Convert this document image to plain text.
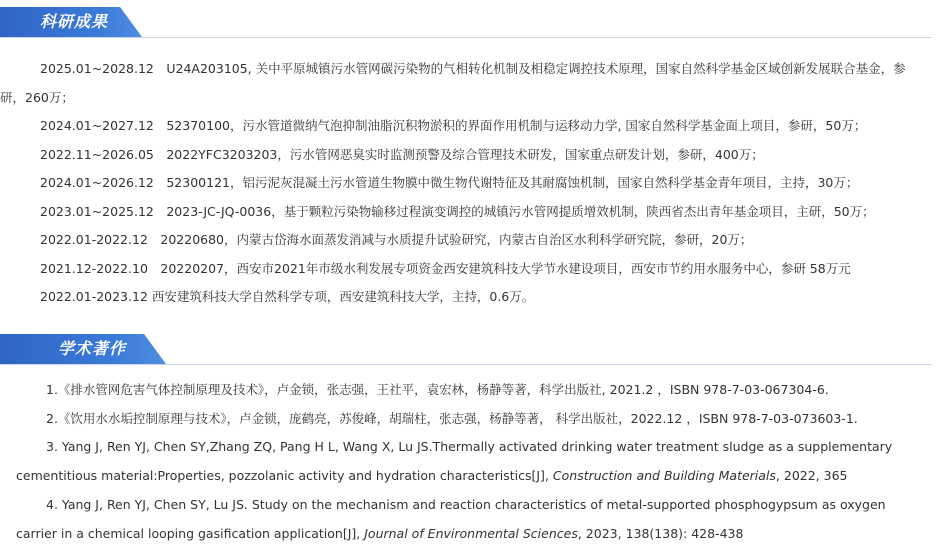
科研成果
2025.01~2028.12　U24A203105, 关中平原城镇污水管网碳污染物的气相转化机制及相稳定调控技术原理，国家自然科学基金区域创新发展联合基金，参研，260万；
2024.01~2027.12　52370100，污水管道微纳气泡抑制油脂沉积物淤积的界面作用机制与运移动力学, 国家自然科学基金面上项目，参研，50万；
2022.11~2026.05　2022YFC3203203，污水管网恶臭实时监测预警及综合管理技术研发，国家重点研发计划，参研，400万；
2024.01~2026.12　52300121，铝污泥灰混凝土污水管道生物膜中微生物代谢特征及其耐腐蚀机制，国家自然科学基金青年项目，主持，30万；
2023.01~2025.12　2023-JC-JQ-0036，基于颗粒污染物输移过程演变调控的城镇污水管网提质增效机制，陕西省杰出青年基金项目，主研，50万；
2022.01-2022.12　20220680，内蒙古岱海水面蒸发消减与水质提升试验研究，内蒙古自治区水利科学研究院，参研，20万；
2021.12-2022.10　20220207，西安市2021年市级水利发展专项资金西安建筑科技大学节水建设项目，西安市节约用水服务中心，参研 58万元
2022.01-2023.12 西安建筑科技大学自然科学专项，西安建筑科技大学，主持，0.6万。
学术著作
1.《排水管网危害气体控制原理及技术》，卢金锁，张志强，王社平，袁宏林，杨静等著，科学出版社, 2021.2 ，ISBN 978-7-03-067304-6.
2.《饮用水水垢控制原理与技术》，卢金锁，庞鹤亮，苏俊峰，胡瑞柱，张志强，杨静等著， 科学出版社，2022.12 ，ISBN 978-7-03-073603-1.
3. Yang J, Ren YJ, Chen SY,Zhang ZQ, Pang H L, Wang X, Lu JS.Thermally activated drinking water treatment sludge as a supplementary cementitious material:Properties, pozzolanic activity and hydration characteristics[J], Construction and Building Materials, 2022, 365
4. Yang J, Ren YJ, Chen SY, Lu JS. Study on the mechanism and reaction characteristics of metal-supported phosphogypsum as oxygen carrier in a chemical looping gasification application[J], Journal of Environmental Sciences, 2023, 138(138): 428-438
